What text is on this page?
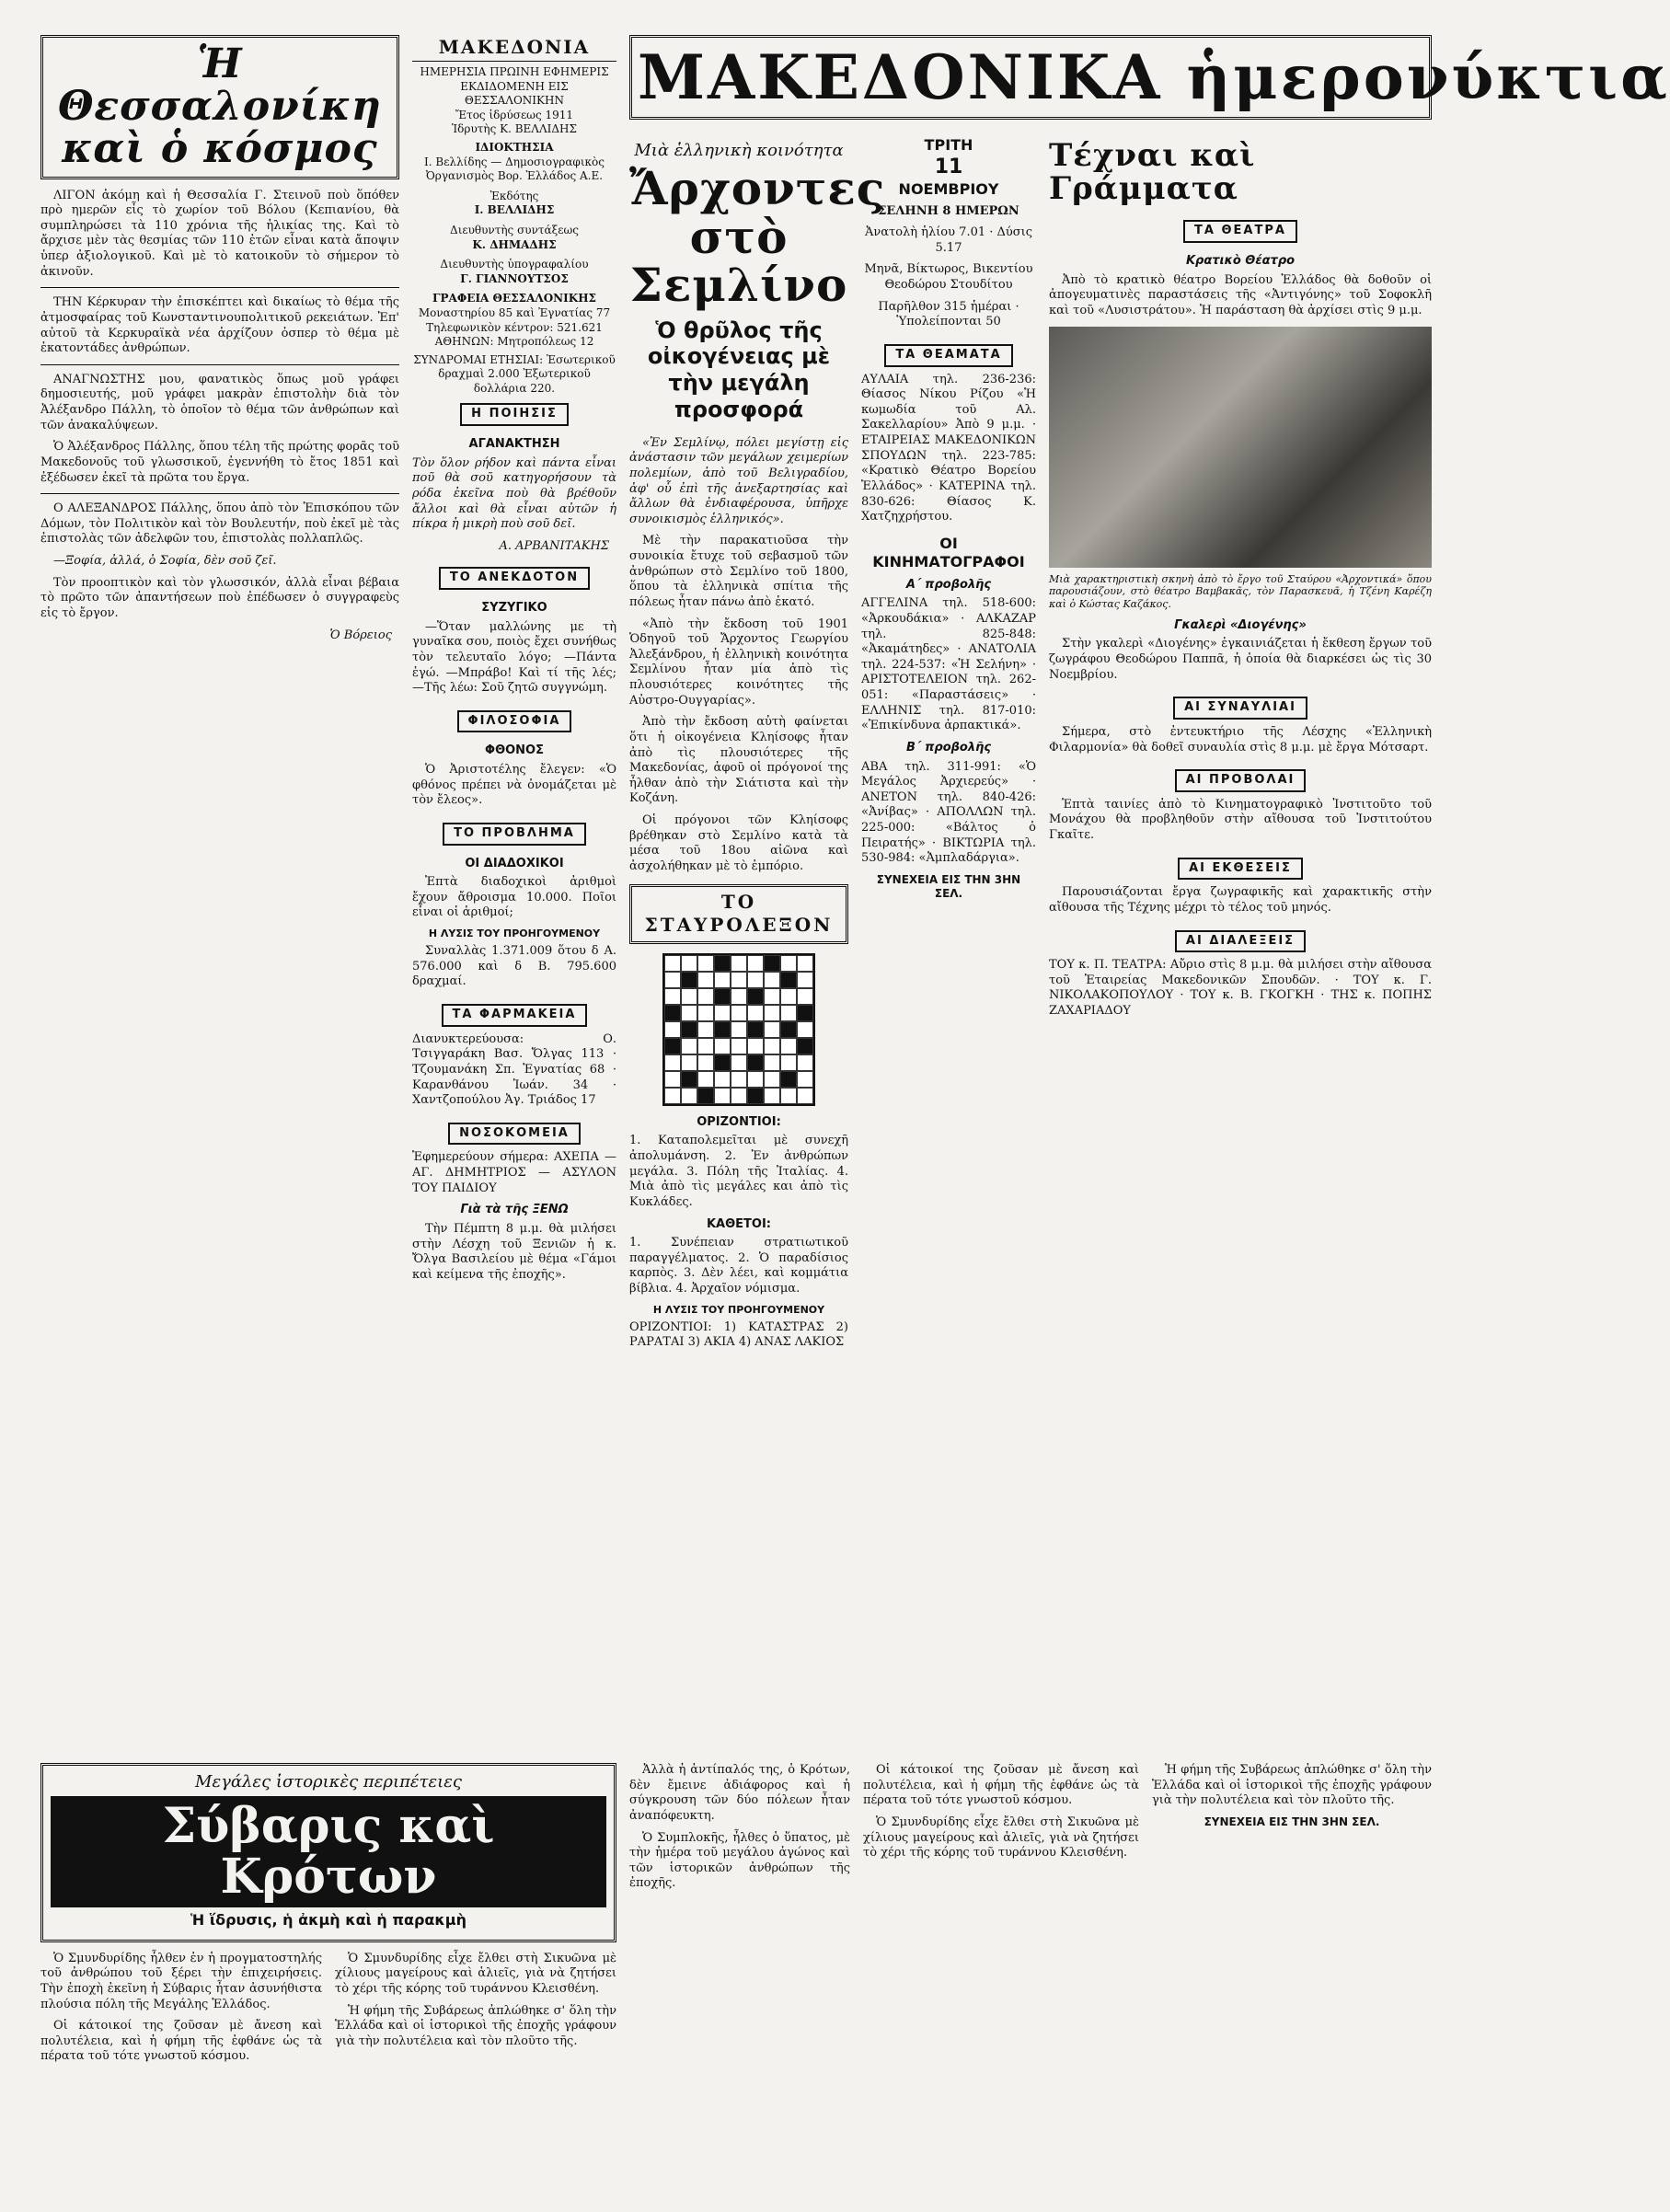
Ἡ Θεσσαλονίκη καὶ ὁ κόσμος

ΛΙΓΟΝ ἀκόμη καὶ ἡ Θεσσαλία Γ. Στεινοῦ ποὺ ὅπόθεν πρὸ ημερῶν εἶς τὸ χωρίον τοῦ Βόλου (Κεπιανίου, θὰ συμπληρώσει τὰ 110 χρόνια τῆς ἡλικίας της. Καὶ τὸ ἄρχισε μὲν τὰς θεσμίας τῶν 110 ἐτῶν εἶναι κατὰ ἄποψιν ὑπερ ἀξιολογικοῦ. Καὶ μὲ τὸ κατοικοῦν τὸ σήμερον τὸ ἀκινοῦν.

ΤΗΝ Κέρκυραν τὴν ἐπισκέπτει καὶ δικαίως τὸ θέμα τῆς ἀτμοσφαίρας τοῦ Κωνσταντινουπολιτικοῦ ρεκειάτων. Ἐπ' αὐτοῦ τὰ Κερκυραϊκὰ νέα ἀρχίζουν ὀσπερ τὸ θέμα μὲ ἑκατοντάδες ἀνθρώπων.

ΑΝΑΓΝΩΣΤΗΣ μου, φανατικὸς ὅπως μοῦ γράφει δημοσιευτής, μοῦ γράφει μακρὰν ἐπιστολὴν διὰ τὸν Ἀλέξανδρο Πάλλη, τὸ ὁποῖον τὸ θέμα τῶν ἀνθρώπων καὶ τῶν ἀνακαλύψεων.

Ὁ Ἀλέξανδρος Πάλλης, ὅπου τέλη τῆς πρώτης φορᾶς τοῦ Μακεδονοῦς τοῦ γλωσσικοῦ, ἐγεννήθη τὸ ἔτος 1851 καὶ ἐξέδωσεν ἐκεῖ τὰ πρῶτα του ἔργα.

Ο ΑΛΕΞΑΝΔΡΟΣ Πάλλης, ὅπου ἀπὸ τὸν Ἐπισκόπου τῶν Δόμων, τὸν Πολιτικὸν καὶ τὸν Βουλευτήν, ποὺ ἐκεῖ μὲ τὰς ἐπιστολὰς τῶν ἀδελφῶν του, ἐπιστολὰς πολλαπλῶς.

—Ξοφία, ἀλλά, ὁ Σοφία, δὲν σοῦ ζεῖ.

Τὸν προοπτικὸν καὶ τὸν γλωσσικόν, ἀλλὰ εἶναι βέβαια τὸ πρῶτο τῶν ἀπαντήσεων ποὺ ἐπέδωσεν ὁ συγγραφεὺς εἰς τὸ ἔργον.

Ὁ Βόρειος
ΜΑΚΕΔΟΝΙΑ
ΗΜΕΡΗΣΙΑ ΠΡΩΙΝΗ ΕΦΗΜΕΡΙΣ ΕΚΔΙΔΟΜΕΝΗ ΕΙΣ ΘΕΣΣΑΛΟΝΙΚΗΝ
Ἔτος ἱδρύσεως 1911
Ἱδρυτὴς Κ. ΒΕΛΛΙΔΗΣ
ΙΔΙΟΚΤΗΣΙΑ
Ι. Βελλίδης — Δημοσιογραφικὸς Ὀργανισμὸς Βορ. Ἑλλάδος Α.Ε.
Ἐκδότης
Ι. ΒΕΛΛΙΔΗΣ
Διευθυντὴς συντάξεως
Κ. ΔΗΜΑΔΗΣ
Διευθυντὴς ὑπογραφαλίου
Γ. ΓΙΑΝΝΟΥΤΣΟΣ
ΓΡΑΦΕΙΑ ΘΕΣΣΑΛΟΝΙΚΗΣ
Μοναστηρίου 85 καὶ Ἐγνατίας 77
Τηλεφωνικὸν κέντρον: 521.621
ΑΘΗΝΩΝ: Μητροπόλεως 12
ΣΥΝΔΡΟΜΑΙ ΕΤΗΣΙΑΙ: Ἐσωτερικοῦ δραχμαὶ 2.000 Ἐξωτερικοῦ δολλάρια 220.
Η ΠΟΙΗΣΙΣ
ΑΓΑΝΑΚΤΗΣΗ

Τὸν ὅλον ρήδον καὶ πάντα εἶναι ποῦ θὰ σοῦ κατηγορήσουν τὰ ρόδα ἐκεῖνα ποὺ θὰ βρέθοῦν ἄλλοι καὶ θὰ εἶναι αὐτῶν ἡ πίκρα ἡ μικρὴ ποὺ σοῦ δεῖ.

Α. ΑΡΒΑΝΙΤΑΚΗΣ
ΤΟ ΑΝΕΚΔΟΤΟΝ
ΣΥΖΥΓΙΚΟ

—Ὅταν μαλλώνης με τὴ γυναῖκα σου, ποιὸς ἔχει συνήθως τὸν τελευταῖο λόγο; —Πάντα ἐγώ. —Μπράβο! Καὶ τί τῆς λές; —Τῆς λέω: Σοῦ ζητῶ συγγνώμη.

ΦΙΛΟΣΟΦΙΑ
ΦΘΟΝΟΣ

Ὁ Ἀριστοτέλης ἔλεγεν: «Ὁ φθόνος πρέπει νὰ ὀνομάζεται μὲ τὸν ἔλεος».

ΤΟ ΠΡΟΒΛΗΜΑ
ΟΙ ΔΙΑΔΟΧΙΚΟΙ

Ἐπτὰ διαδοχικοὶ ἀριθμοὶ ἔχουν ἄθροισμα 10.000. Ποῖοι εἶναι οἱ ἀριθμοί;

Η ΛΥΣΙΣ ΤΟΥ ΠΡΟΗΓΟΥΜΕΝΟΥ

Συναλλὰς 1.371.009 ὅτου δ Α. 576.000 καὶ δ Β. 795.600 δραχμαί.

ΤΑ ΦΑΡΜΑΚΕΙΑ

Διανυκτερεύουσα: Ο. Τσιγγαράκη Βασ. Ὄλγας 113 · Τζουμανάκη Σπ. Ἐγνατίας 68 · Καρανθάνου Ἰωάν. 34 · Χαντζοπούλου Ἀγ. Τριάδος 17

ΝΟΣΟΚΟΜΕΙΑ

Ἐφημερεύουν σήμερα: ΑΧΕΠΑ — ΑΓ. ΔΗΜΗΤΡΙΟΣ — ΑΣΥΛΟΝ ΤΟΥ ΠΑΙΔΙΟΥ

Γιὰ τὰ τῆς ΞΕΝΩ

Τὴν Πέμπτη 8 μ.μ. θὰ μιλήσει στὴν Λέσχη τοῦ Ξενιῶν ἡ κ. Ὄλγα Βασιλείου μὲ θέμα «Γάμοι καὶ κείμενα τῆς ἐποχῆς».

ΜΑΚΕΔΟΝΙΚΑ ἡμερονύκτια
Μιὰ ἑλληνικὴ κοινότητα
Ἄρχοντες στὸ Σεμλίνο
Ὁ θρῦλος τῆς οἰκογένειας μὲ τὴν μεγάλη προσφορά

«Ἐν Σεμλίνῳ, πόλει μεγίστῃ εἰς ἀνάστασιν τῶν μεγάλων χειμερίων πολεμίων, ἀπὸ τοῦ Βελιγραδίου, ἀφ' οὗ ἐπὶ τῆς ἀνεξαρτησίας καὶ ἄλλων θὰ ἐνδιαφέρουσα, ὑπῆρχε συνοικισμὸς ἑλληνικός».

Μὲ τὴν παρακατιοῦσα τὴν συνοικία ἔτυχε τοῦ σεβασμοῦ τῶν ἀνθρώπων στὸ Σεμλίνο τοῦ 1800, ὅπου τὰ ἑλληνικὰ σπίτια τῆς πόλεως ἦταν πάνω ἀπὸ ἑκατό.

«Ἀπὸ τὴν ἔκδοση τοῦ 1901 Ὁδηγοῦ τοῦ Ἄρχοντος Γεωργίου Ἀλεξάνδρου, ἡ ἐλληνικὴ κοινότητα Σεμλίνου ἦταν μία ἀπὸ τὶς πλουσιότερες κοινότητες τῆς Αὐστρο-Ουγγαρίας».

Ἀπὸ τὴν ἔκδοση αὐτὴ φαίνεται ὅτι ἡ οἰκογένεια Κληίσοφς ἦταν ἀπὸ τὶς πλουσιότερες τῆς Μακεδονίας, ἀφοῦ οἱ πρόγονοί της ἦλθαν ἀπὸ τὴν Σιάτιστα καὶ τὴν Κοζάνη.

Οἱ πρόγονοι τῶν Κληίσοφς βρέθηκαν στὸ Σεμλίνο κατὰ τὰ μέσα τοῦ 18ου αἰῶνα καὶ ἀσχολήθηκαν μὲ τὸ ἐμπόριο.

ΤΟ ΣΤΑΥΡΟΛΕΞΟΝ
ΟΡΙΖΟΝΤΙΟΙ:

1. Καταπολεμεῖται μὲ συνεχῆ ἀπολυμάνση. 2. Ἐν ἀνθρώπων μεγάλα. 3. Πόλη τῆς Ἰταλίας. 4. Μιὰ ἀπὸ τὶς μεγάλες και ἀπὸ τὶς Κυκλάδες.

ΚΑΘΕΤΟΙ:

1. Συνέπειαν στρατιωτικοῦ παραγγέλματος. 2. Ὁ παραδίσιος καρπὸς. 3. Δὲν λέει, καὶ κομμάτια βίβλια. 4. Ἀρχαῖον νόμισμα.

Η ΛΥΣΙΣ ΤΟΥ ΠΡΟΗΓΟΥΜΕΝΟΥ

ΟΡΙΖΟΝΤΙΟΙ: 1) ΚΑΤΑΣΤΡΑΣ 2) ΡΑΡΑΤΑΙ 3) ΑΚΙΑ 4) ΑΝΑΣ ΛΑΚΙΟΣ

ΤΡΙΤΗ
11
ΝΟΕΜΒΡΙΟΥ

ΣΕΛΗΝΗ 8 ΗΜΕΡΩΝ

Ἀνατολὴ ἡλίου 7.01 · Δύσις 5.17

Μηνᾶ, Βίκτωρος, Βικεντίου Θεοδώρου Στουδίτου

Παρῆλθον 315 ἡμέραι · Ὑπολείπονται 50

ΤΑ ΘΕΑΜΑΤΑ

ΑΥΛΑΙΑ τηλ. 236-236: Θίασος Νίκου Ρίζου «Ἡ κωμωδία τοῦ Αλ. Σακελλαρίου» Ἀπὸ 9 μ.μ. · ΕΤΑΙΡΕΙΑΣ ΜΑΚΕΔΟΝΙΚΩΝ ΣΠΟΥΔΩΝ τηλ. 223-785: «Κρατικὸ Θέατρο Βορείου Ἑλλάδος» · ΚΑΤΕΡΙΝΑ τηλ. 830-626: Θίασος Κ. Χατζηχρήστου.

ΟΙ ΚΙΝΗΜΑΤΟΓΡΑΦΟΙ
Α΄ προβολῆς

ΑΓΓΕΛΙΝΑ τηλ. 518-600: «Ἀρκουδάκια» · ΑΛΚΑΖΑΡ τηλ. 825-848: «Ἀκαμάτηδες» · ΑΝΑΤΟΛΙΑ τηλ. 224-537: «Ἡ Σελήνη» · ΑΡΙΣΤΟΤΕΛΕΙΟΝ τηλ. 262-051: «Παραστάσεις» · ΕΛΛΗΝΙΣ τηλ. 817-010: «Ἐπικίνδυνα ἀρπακτικά».

Β΄ προβολῆς

ΑΒΑ τηλ. 311-991: «Ὁ Μεγάλος Ἀρχιερεύς» · ΑΝΕΤΟΝ τηλ. 840-426: «Ἀνίβας» · ΑΠΟΛΛΩΝ τηλ. 225-000: «Βάλτος ὁ Πειρατής» · ΒΙΚΤΩΡΙΑ τηλ. 530-984: «Ἀμπλαδάργια».

ΣΥΝΕΧΕΙΑ ΕΙΣ ΤΗΝ 3ΗΝ ΣΕΛ.
Τέχναι καὶ Γράμματα
ΤΑ ΘΕΑΤΡΑ
Κρατικὸ Θέατρο

Ἀπὸ τὸ κρατικὸ θέατρο Βορείου Ἑλλάδος θὰ δοθοῦν οἱ ἀπογευματινὲς παραστάσεις τῆς «Ἀντιγόνης» τοῦ Σοφοκλῆ καὶ τοῦ «Λυσιστράτου». Ἡ παράσταση θὰ ἀρχίσει στὶς 9 μ.μ.

Μιὰ χαρακτηριστικὴ σκηνὴ ἀπὸ τὸ ἔργο τοῦ Σταύρου «Ἀρχοντικά» ὅπου παρουσιάζουν, στὸ θέατρο Βαμβακᾶς, τὸν Παρασκευᾶ, ἡ Τζένη Καρέζη καὶ ὁ Κώστας Καζάκος.
Γκαλερὶ «Διογένης»

Στὴν γκαλερὶ «Διογένης» ἐγκαινιάζεται ἡ ἔκθεση ἔργων τοῦ ζωγράφου Θεοδώρου Παππᾶ, ἡ ὁποία θὰ διαρκέσει ὡς τὶς 30 Νοεμβρίου.

ΑΙ ΣΥΝΑΥΛΙΑΙ

Σήμερα, στὸ ἐντευκτήριο τῆς Λέσχης «Ἑλληνικὴ Φιλαρμονία» θὰ δοθεῖ συναυλία στὶς 8 μ.μ. μὲ ἔργα Μότσαρτ.

ΑΙ ΠΡΟΒΟΛΑΙ

Ἐπτὰ ταινίες ἀπὸ τὸ Κινηματογραφικὸ Ἰνστιτοῦτο τοῦ Μονάχου θὰ προβληθοῦν στὴν αἴθουσα τοῦ Ἰνστιτούτου Γκαῖτε.

ΑΙ ΕΚΘΕΣΕΙΣ

Παρουσιάζονται ἔργα ζωγραφικῆς καὶ χαρακτικῆς στὴν αἴθουσα τῆς Τέχνης μέχρι τὸ τέλος τοῦ μηνός.

ΑΙ ΔΙΑΛΕΞΕΙΣ

ΤΟΥ κ. Π. ΤΕΑΤΡΑ: Αὔριο στὶς 8 μ.μ. θὰ μιλήσει στὴν αἴθουσα τοῦ Ἑταιρείας Μακεδονικῶν Σπουδῶν. · ΤΟΥ κ. Γ. ΝΙΚΟΛΑΚΟΠΟΥΛΟΥ · ΤΟΥ κ. Β. ΓΚΟΓΚΗ · ΤΗΣ κ. ΠΟΠΗΣ ΖΑΧΑΡΙΑΔΟΥ

Μεγάλες ἱστορικὲς περιπέτειες
Σύβαρις καὶ Κρότων
Ἡ ἵδρυσις, ἡ ἀκμὴ καὶ ἡ παρακμὴ

Ὁ Σμυνδυρίδης ἦλθεν ἐν ἡ προγματοστηλής τοῦ ἀνθρώπου τοῦ ξέρει τὴν ἐπιχειρήσεις. Τὴν ἐποχὴ ἐκεῖνη ἡ Σύβαρις ἦταν ἀσυνήθιστα πλούσια πόλη τῆς Μεγάλης Ἑλλάδος.

Οἱ κάτοικοί της ζοῦσαν μὲ ἄνεση καὶ πολυτέλεια, καὶ ἡ φήμη τῆς ἐφθάνε ὡς τὰ πέρατα τοῦ τότε γνωστοῦ κόσμου.

Ὁ Σμυνδυρίδης εἶχε ἔλθει στὴ Σικυῶνα μὲ χίλιους μαγείρους καὶ ἁλιεῖς, γιὰ νὰ ζητήσει τὸ χέρι τῆς κόρης τοῦ τυράννου Κλεισθένη.

Ἡ φήμη τῆς Συβάρεως ἀπλώθηκε σ' ὅλη τὴν Ἑλλάδα καὶ οἱ ἱστορικοὶ τῆς ἐποχῆς γράφουν γιὰ τὴν πολυτέλεια καὶ τὸν πλοῦτο τῆς.

Ἀλλὰ ἡ ἀντίπαλός της, ὁ Κρότων, δὲν ἔμεινε ἀδιάφορος καὶ ἡ σύγκρουση τῶν δύο πόλεων ἦταν ἀναπόφευκτη.

Ὁ Συμπλοκῆς, ἦλθες ὁ ὕπατος, μὲ τὴν ἡμέρα τοῦ μεγάλου ἀγώνος καὶ τῶν ἱστορικῶν ἀνθρώπων τῆς ἐποχῆς.

Οἱ κάτοικοί της ζοῦσαν μὲ ἄνεση καὶ πολυτέλεια, καὶ ἡ φήμη τῆς ἐφθάνε ὡς τὰ πέρατα τοῦ τότε γνωστοῦ κόσμου.

Ὁ Σμυνδυρίδης εἶχε ἔλθει στὴ Σικυῶνα μὲ χίλιους μαγείρους καὶ ἁλιεῖς, γιὰ νὰ ζητήσει τὸ χέρι τῆς κόρης τοῦ τυράννου Κλεισθένη.

Ἡ φήμη τῆς Συβάρεως ἀπλώθηκε σ' ὅλη τὴν Ἑλλάδα καὶ οἱ ἱστορικοὶ τῆς ἐποχῆς γράφουν γιὰ τὴν πολυτέλεια καὶ τὸν πλοῦτο τῆς.

ΣΥΝΕΧΕΙΑ ΕΙΣ ΤΗΝ 3ΗΝ ΣΕΛ.
